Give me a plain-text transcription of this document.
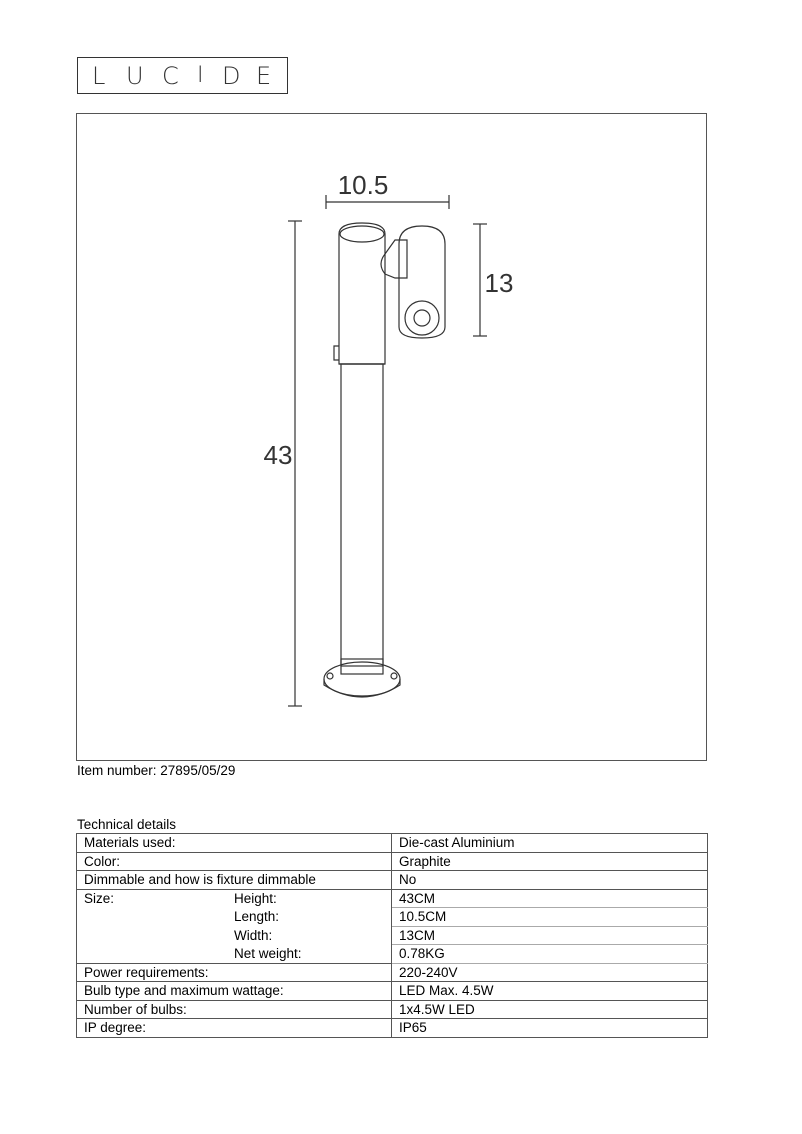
L U C I D E
10.5
13
43
Item number: 27895/05/29
Technical details
Materials used:	Die-cast Aluminium
Color:	Graphite
Dimmable and how is fixture dimmable	No
Size: Height:	43CM
Length:	10.5CM
Width:	13CM
Net weight:	0.78KG
Power requirements:	220-240V
Bulb type and maximum wattage:	LED Max. 4.5W
Number of bulbs:	1x4.5W LED
IP degree:	IP65
